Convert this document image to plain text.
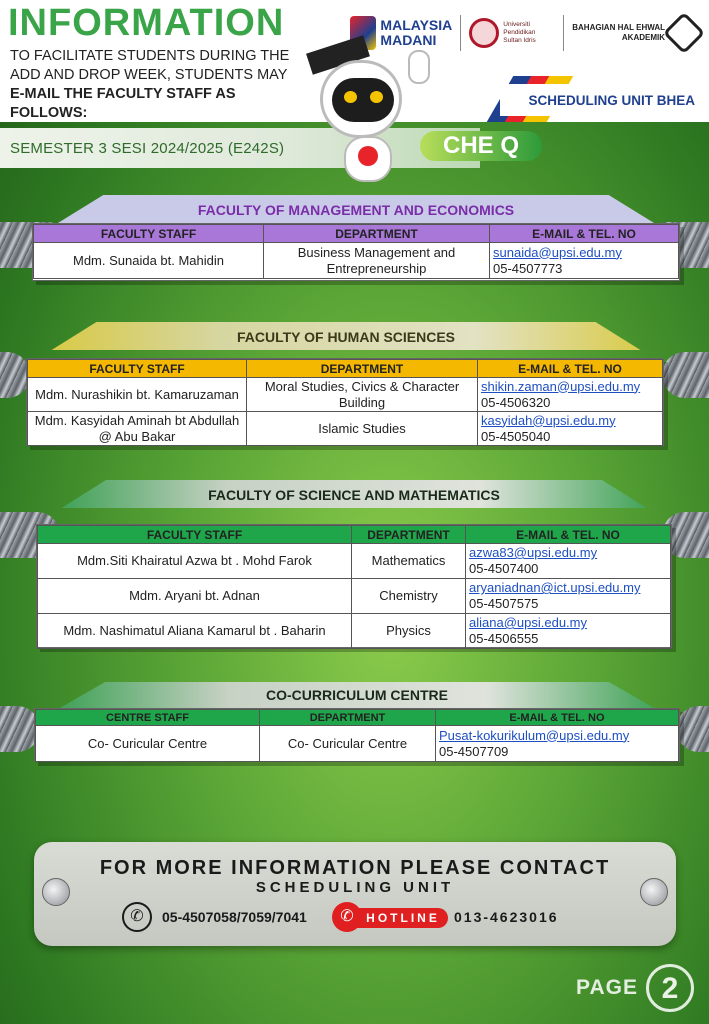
INFORMATION
TO FACILITATE STUDENTS DURING THE
ADD AND DROP WEEK, STUDENTS MAY
E-MAIL THE FACULTY STAFF AS FOLLOWS:
MALAYSIA
MADANI
Universiti Pendidikan Sultan Idris
BAHAGIAN HAL EHWAL
AKADEMIK
SCHEDULING UNIT BHEA
SEMESTER 3 SESI 2024/2025 (E242S)	CHE Q
FACULTY OF MANAGEMENT AND ECONOMICS
FACULTY STAFF	DEPARTMENT	E-MAIL & TEL. NO
Mdm. Sunaida bt. Mahidin	Business Management and Entrepreneurship	sunaida@upsi.edu.my
05-4507773
FACULTY OF HUMAN SCIENCES
FACULTY STAFF	DEPARTMENT	E-MAIL & TEL. NO
Mdm. Nurashikin bt. Kamaruzaman	Moral Studies, Civics & Character Building	shikin.zaman@upsi.edu.my
05-4506320

Mdm. Kasyidah Aminah bt Abdullah @ Abu Bakar	Islamic Studies	kasyidah@upsi.edu.my
05-4505040
FACULTY OF SCIENCE AND MATHEMATICS
FACULTY STAFF	DEPARTMENT	E-MAIL & TEL. NO
Mdm.Siti Khairatul Azwa bt . Mohd Farok	Mathematics	azwa83@upsi.edu.my
05-4507400

Mdm. Aryani bt. Adnan	Chemistry	aryaniadnan@ict.upsi.edu.my
05-4507575

Mdm. Nashimatul Aliana Kamarul bt . Baharin	Physics	aliana@upsi.edu.my
05-4506555
CO-CURRICULUM CENTRE
CENTRE STAFF	DEPARTMENT	E-MAIL & TEL. NO
Co- Curicular Centre	Co- Curicular Centre	Pusat-kokurikulum@upsi.edu.my
05-4507709
FOR MORE INFORMATION PLEASE CONTACT
SCHEDULING UNIT
✆	05-4507058/7059/7041	HOTLINE
✆	013-4623016
PAGE 2
